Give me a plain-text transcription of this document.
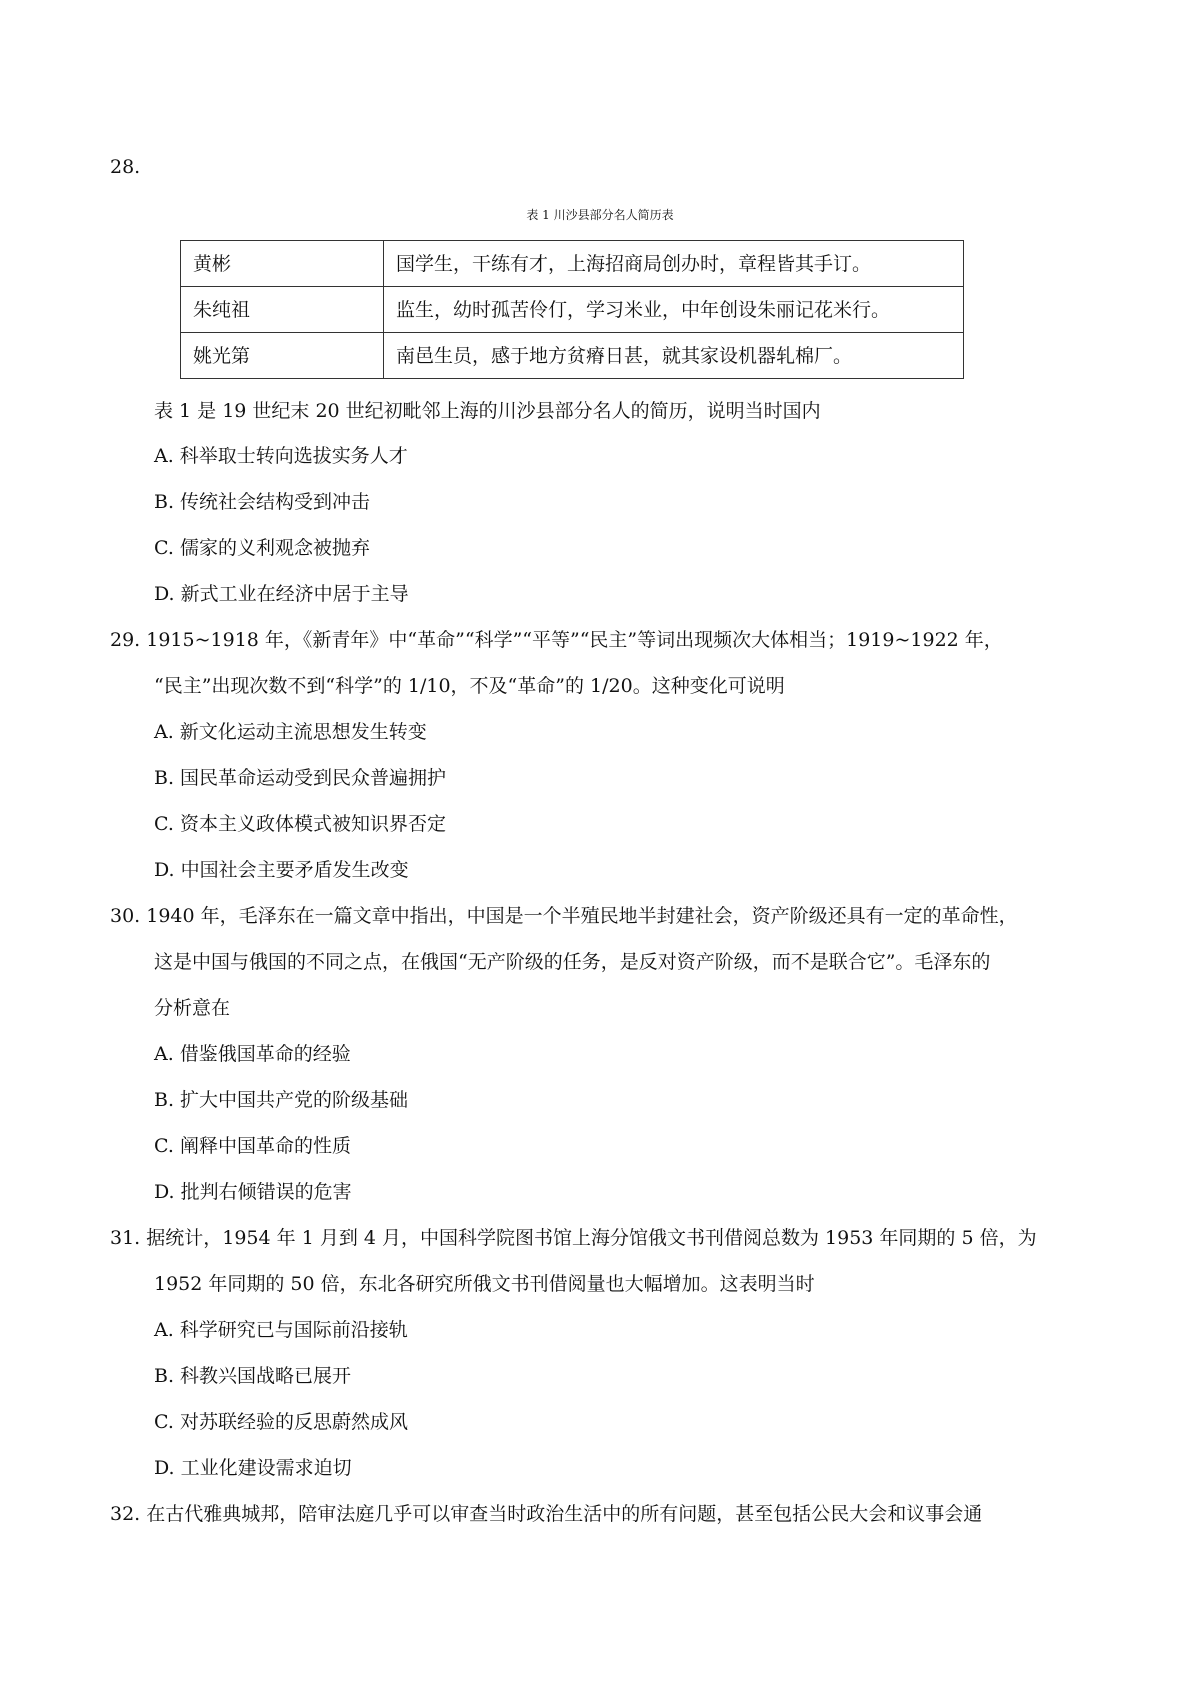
28.
表 1 川沙县部分名人简历表
黄彬	国学生，干练有才，上海招商局创办时，章程皆其手订。
朱纯祖	监生，幼时孤苦伶仃，学习米业，中年创设朱丽记花米行。
姚光第	南邑生员，感于地方贫瘠日甚，就其家设机器轧棉厂。
表 1 是 19 世纪末 20 世纪初毗邻上海的川沙县部分名人的简历，说明当时国内
A. 科举取士转向选拔实务人才
B. 传统社会结构受到冲击
C. 儒家的义利观念被抛弃
D. 新式工业在经济中居于主导
29. 1915~1918 年，《新青年》中“革命”“科学”“平等”“民主”等词出现频次大体相当；1919~1922 年，
“民主”出现次数不到“科学”的 1/10，不及“革命”的 1/20。这种变化可说明
A. 新文化运动主流思想发生转变
B. 国民革命运动受到民众普遍拥护
C. 资本主义政体模式被知识界否定
D. 中国社会主要矛盾发生改变
30. 1940 年，毛泽东在一篇文章中指出，中国是一个半殖民地半封建社会，资产阶级还具有一定的革命性，
这是中国与俄国的不同之点，在俄国“无产阶级的任务，是反对资产阶级，而不是联合它”。毛泽东的
分析意在
A. 借鉴俄国革命的经验
B. 扩大中国共产党的阶级基础
C. 阐释中国革命的性质
D. 批判右倾错误的危害
31. 据统计，1954 年 1 月到 4 月，中国科学院图书馆上海分馆俄文书刊借阅总数为 1953 年同期的 5 倍，为
1952 年同期的 50 倍，东北各研究所俄文书刊借阅量也大幅增加。这表明当时
A. 科学研究已与国际前沿接轨
B. 科教兴国战略已展开
C. 对苏联经验的反思蔚然成风
D. 工业化建设需求迫切
32. 在古代雅典城邦，陪审法庭几乎可以审查当时政治生活中的所有问题，甚至包括公民大会和议事会通
